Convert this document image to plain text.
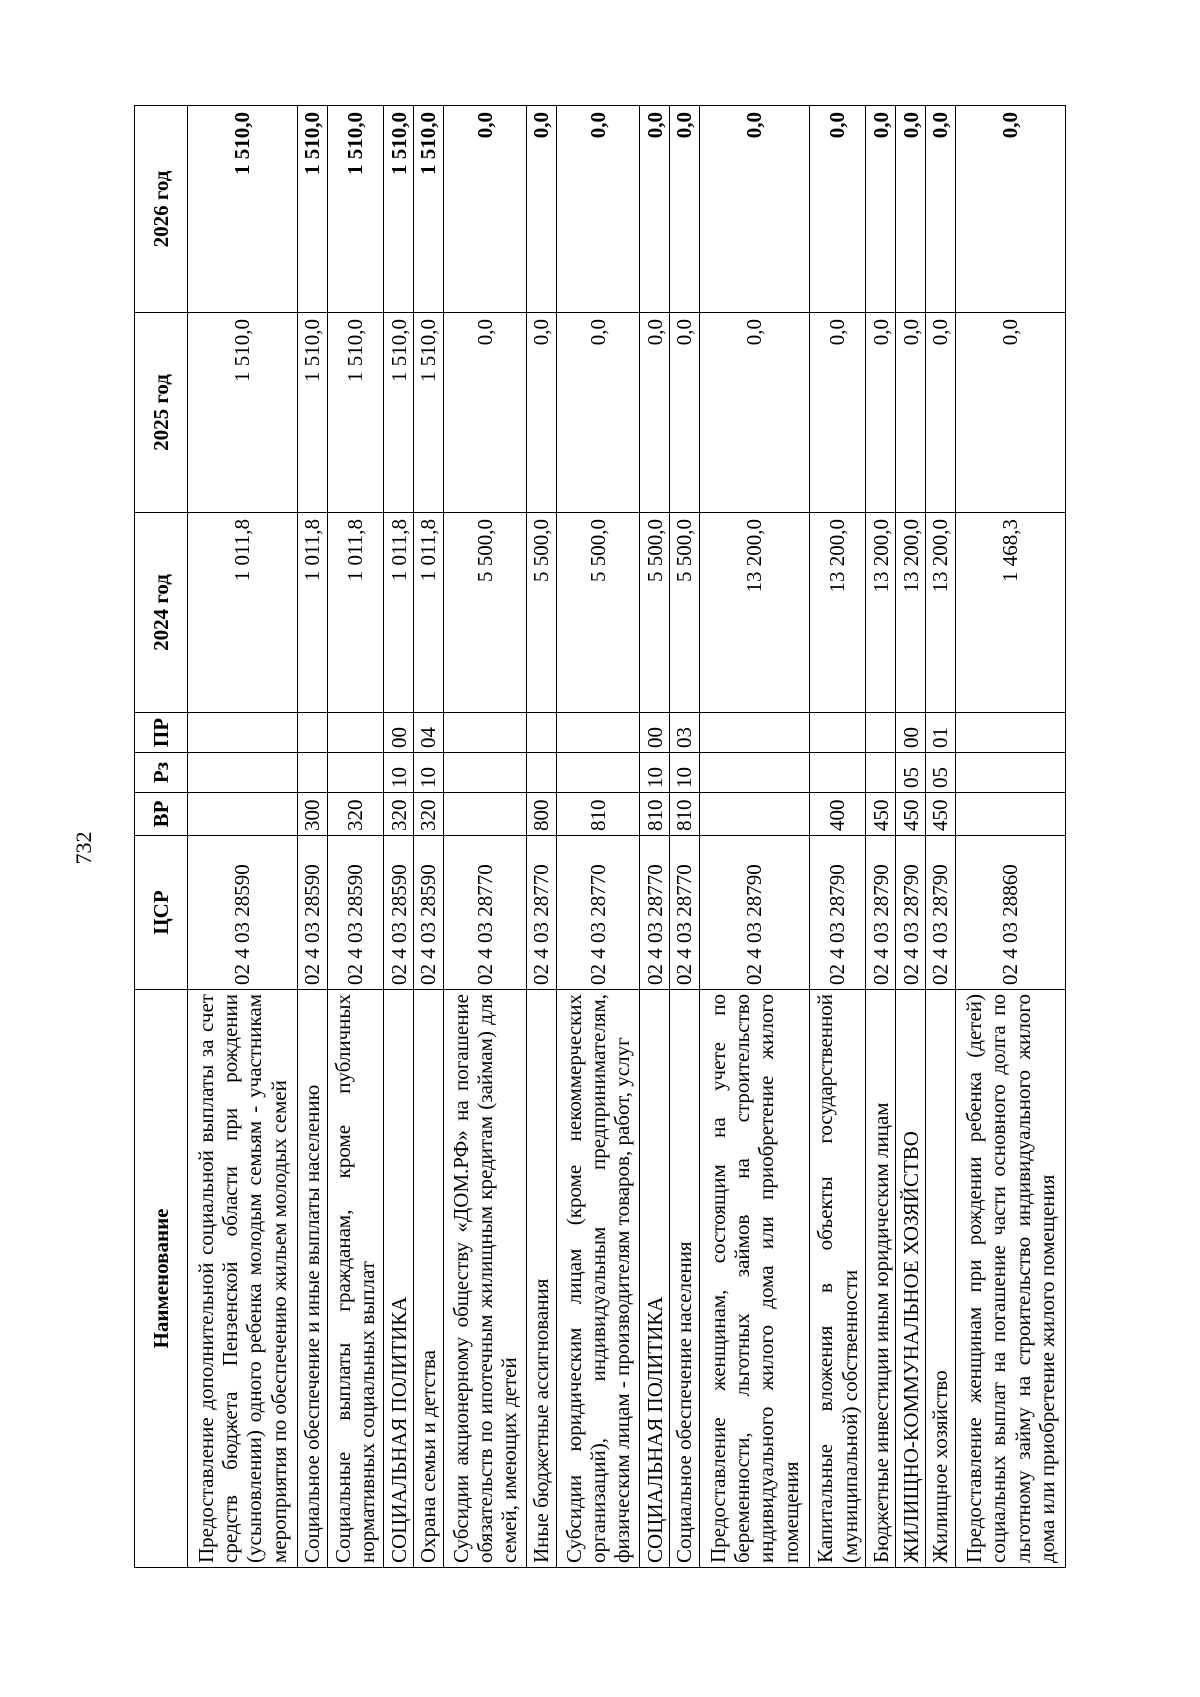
732
Наименование	ЦСР	ВР	Рз	ПР	2024 год	2025 год	2026 год
Предоставление дополнительной социальной выплаты за счет средств бюджета Пензенской области при рождении (усыновлении) одного ребенка молодым семьям - участникам мероприятия по обеспечению жильем молодых семей	02 4 03 28590				1 011,8	1 510,0	1 510,0
Социальное обеспечение и иные выплаты населению	02 4 03 28590	300			1 011,8	1 510,0	1 510,0
Социальные выплаты гражданам, кроме публичных нормативных социальных выплат	02 4 03 28590	320			1 011,8	1 510,0	1 510,0
СОЦИАЛЬНАЯ ПОЛИТИКА	02 4 03 28590	320	10	00	1 011,8	1 510,0	1 510,0
Охрана семьи и детства	02 4 03 28590	320	10	04	1 011,8	1 510,0	1 510,0
Субсидии акционерному обществу «ДОМ.РФ» на погашение обязательств по ипотечным жилищным кредитам (займам) для семей, имеющих детей	02 4 03 28770				5 500,0	0,0	0,0
Иные бюджетные ассигнования	02 4 03 28770	800			5 500,0	0,0	0,0
Субсидии юридическим лицам (кроме некоммерческих организаций), индивидуальным предпринимателям, физическим лицам - производителям товаров, работ, услуг	02 4 03 28770	810			5 500,0	0,0	0,0
СОЦИАЛЬНАЯ ПОЛИТИКА	02 4 03 28770	810	10	00	5 500,0	0,0	0,0
Социальное обеспечение населения	02 4 03 28770	810	10	03	5 500,0	0,0	0,0
Предоставление женщинам, состоящим на учете по беременности, льготных займов на строительство индивидуального жилого дома или приобретение жилого помещения	02 4 03 28790				13 200,0	0,0	0,0
Капитальные вложения в объекты государственной (муниципальной) собственности	02 4 03 28790	400			13 200,0	0,0	0,0
Бюджетные инвестиции иным юридическим лицам	02 4 03 28790	450			13 200,0	0,0	0,0
ЖИЛИЩНО-КОММУНАЛЬНОЕ ХОЗЯЙСТВО	02 4 03 28790	450	05	00	13 200,0	0,0	0,0
Жилищное хозяйство	02 4 03 28790	450	05	01	13 200,0	0,0	0,0
Предоставление женщинам при рождении ребенка (детей) социальных выплат на погашение части основного долга по льготному займу на строительство индивидуального жилого дома или приобретение жилого помещения	02 4 03 28860				1 468,3	0,0	0,0
